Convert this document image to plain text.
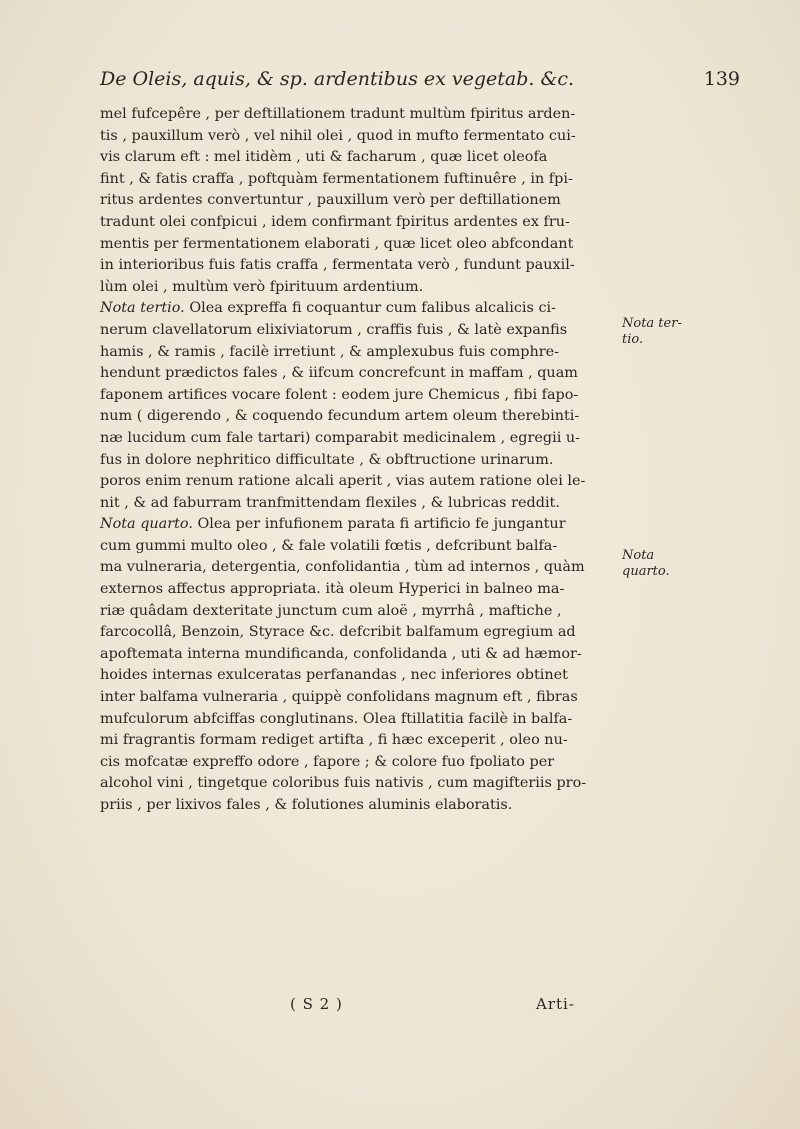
De Oleis, aquis, & sp. ardentibus ex vegetab. &c.	139
mel fufcepêre , per deftillationem tradunt multùm fpiritus arden-
tis , pauxillum verò , vel nihil olei , quod in mufto fermentato cui-
vis clarum eft : mel itidèm , uti & facharum , quæ licet oleofa
fint , & fatis craffa , poftquàm fermentationem fuftinuêre , in fpi-
ritus ardentes convertuntur , pauxillum verò per deftillationem
tradunt olei confpicui , idem confirmant fpiritus ardentes ex fru-
mentis per fermentationem elaborati , quæ licet oleo abfcondant
in interioribus fuis fatis craffa , fermentata verò , fundunt pauxil-
lùm olei , multùm verò fpirituum ardentium.
Nota tertio. Olea expreffa fi coquantur cum falibus alcalicis ci-
nerum clavellatorum elixiviatorum , craffis fuis , & latè expanfis
hamis , & ramis , facilè irretiunt , & amplexubus fuis comphre-
hendunt prædictos fales , & iifcum concrefcunt in maffam , quam
faponem artifices vocare folent : eodem jure Chemicus , fibi fapo-
num ( digerendo , & coquendo fecundum artem oleum therebinti-
næ lucidum cum fale tartari) comparabit medicinalem , egregii u-
fus in dolore nephritico difficultate , & obftructione urinarum.
poros enim renum ratione alcali aperit , vias autem ratione olei le-
nit , & ad faburram tranfmittendam flexiles , & lubricas reddit.
Nota quarto. Olea per infufionem parata fi artificio fe jungantur
cum gummi multo oleo , & fale volatili fœtis , defcribunt balfa-
ma vulneraria, detergentia, confolidantia , tùm ad internos , quàm
externos affectus appropriata. ità oleum Hyperici in balneo ma-
riæ quâdam dexteritate junctum cum aloë , myrrhâ , maftiche ,
farcocollâ, Benzoin, Styrace &c. defcribit balfamum egregium ad
apoftemata interna mundificanda, confolidanda , uti & ad hæmor-
hoides internas exulceratas perfanandas , nec inferiores obtinet
inter balfama vulneraria , quippè confolidans magnum eft , fibras
mufculorum abfciffas conglutinans. Olea ftillatitia facilè in balfa-
mi fragrantis formam rediget artifta , fi hæc exceperit , oleo nu-
cis mofcatæ expreffo odore , fapore ; & colore fuo fpoliato per
alcohol vini , tingetque coloribus fuis nativis , cum magifteriis pro-
priis , per lixivos fales , & folutiones aluminis elaboratis.
Nota ter-
tio.
Nota
quarto.
( S 2 )	Arti-
